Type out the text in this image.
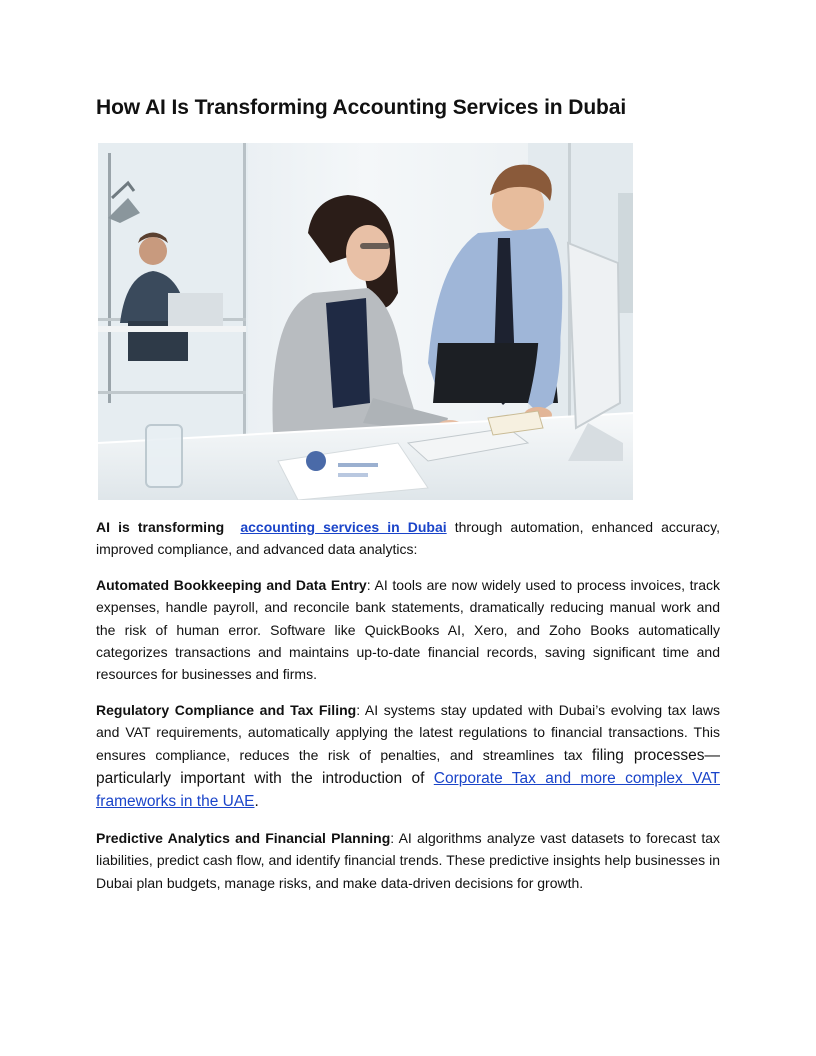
How AI Is Transforming Accounting Services in Dubai

AI is transforming accounting services in Dubai through automation, enhanced accuracy, improved compliance, and advanced data analytics:

Automated Bookkeeping and Data Entry: AI tools are now widely used to process invoices, track expenses, handle payroll, and reconcile bank statements, dramatically reducing manual work and the risk of human error. Software like QuickBooks AI, Xero, and Zoho Books automatically categorizes transactions and maintains up-to-date financial records, saving significant time and resources for businesses and firms.

Regulatory Compliance and Tax Filing: AI systems stay updated with Dubai’s evolving tax laws and VAT requirements, automatically applying the latest regulations to financial transactions. This ensures compliance, reduces the risk of penalties, and streamlines tax filing processes—particularly important with the introduction of Corporate Tax and more complex VAT frameworks in the UAE.

Predictive Analytics and Financial Planning: AI algorithms analyze vast datasets to forecast tax liabilities, predict cash flow, and identify financial trends. These predictive insights help businesses in Dubai plan budgets, manage risks, and make data-driven decisions for growth.
